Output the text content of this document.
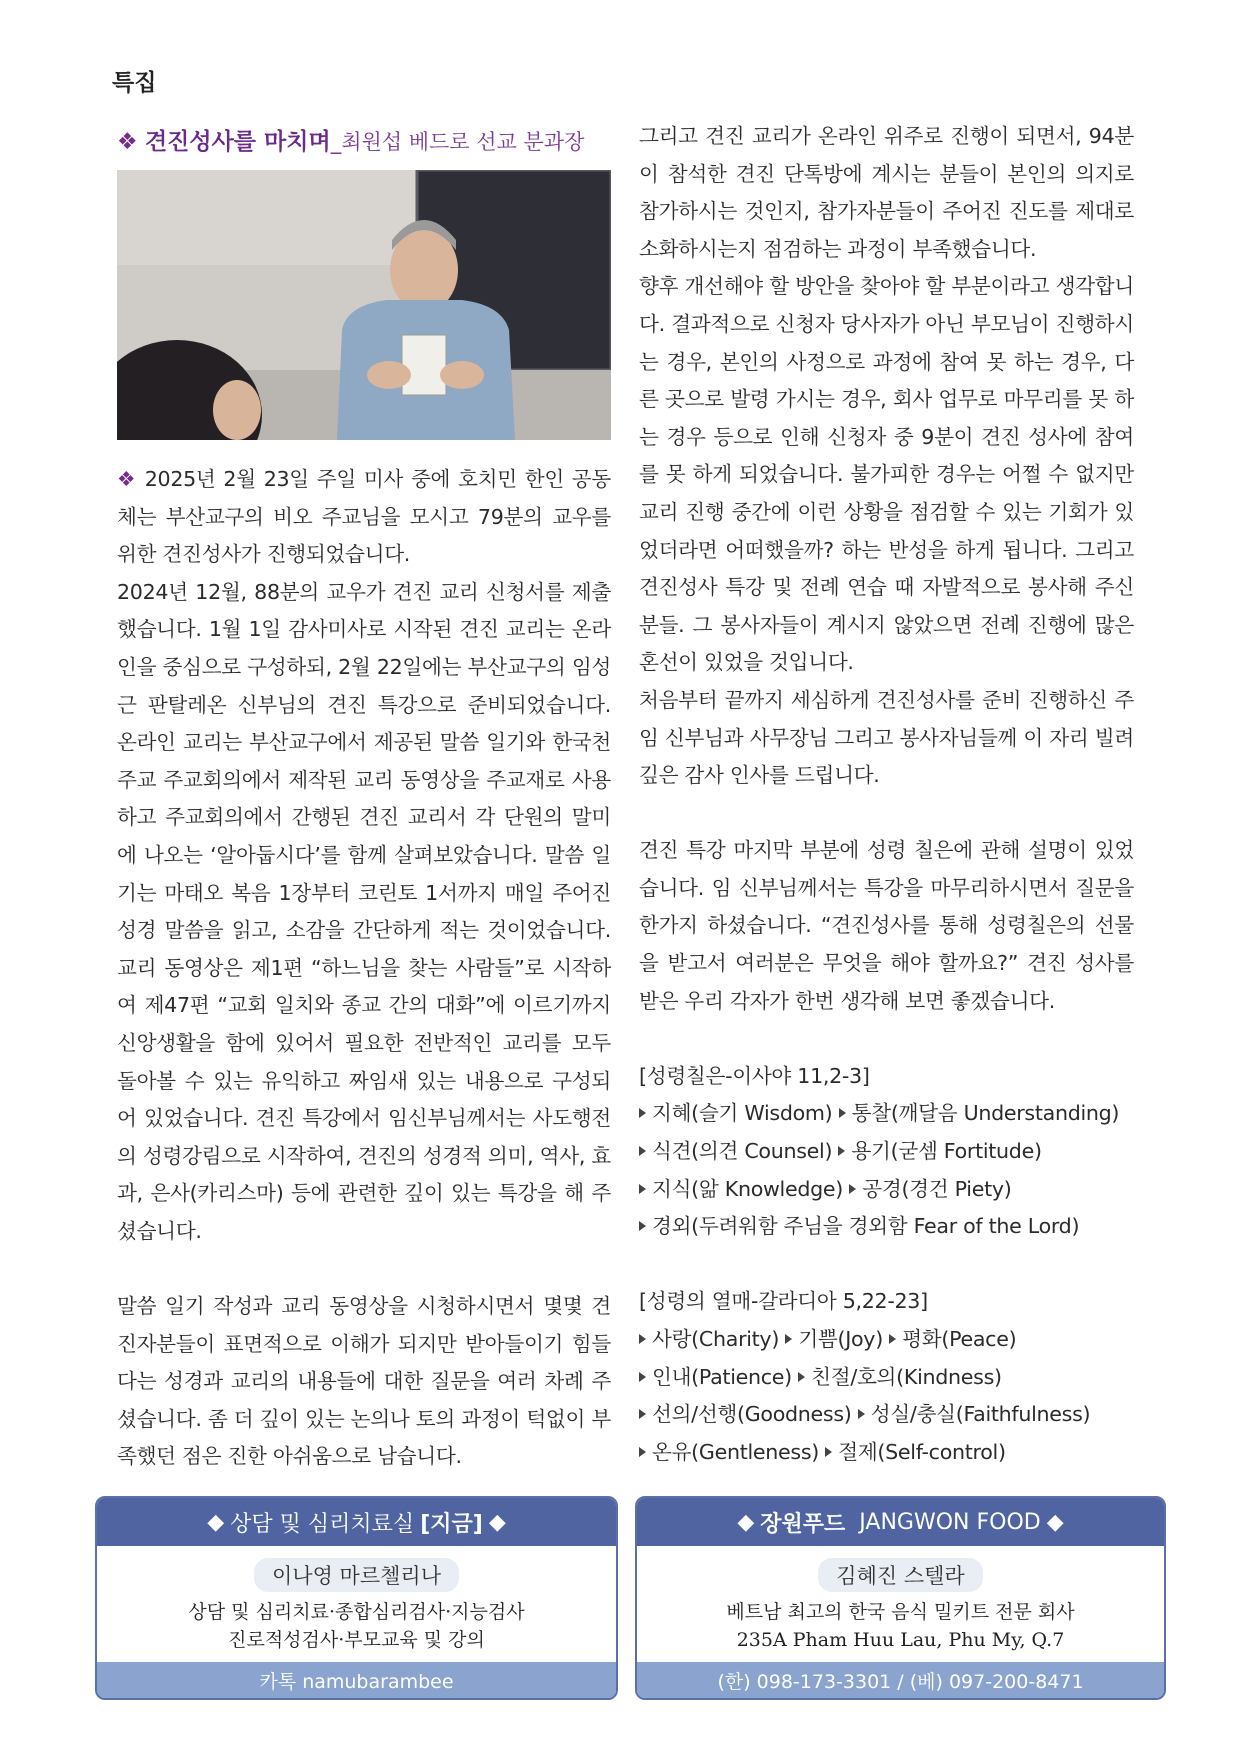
특집
❖ 견진성사를 마치며_최원섭 베드로 선교 분과장

❖ 2025년 2월 23일 주일 미사 중에 호치민 한인 공동체는 부산교구의 비오 주교님을 모시고 79분의 교우를 위한 견진성사가 진행되었습니다.

2024년 12월, 88분의 교우가 견진 교리 신청서를 제출했습니다. 1월 1일 감사미사로 시작된 견진 교리는 온라인을 중심으로 구성하되, 2월 22일에는 부산교구의 임성근 판탈레온 신부님의 견진 특강으로 준비되었습니다. 온라인 교리는 부산교구에서 제공된 말씀 일기와 한국천주교 주교회의에서 제작된 교리 동영상을 주교재로 사용하고 주교회의에서 간행된 견진 교리서 각 단원의 말미에 나오는 ‘알아둡시다’를 함께 살펴보았습니다. 말씀 일기는 마태오 복음 1장부터 코린토 1서까지 매일 주어진 성경 말씀을 읽고, 소감을 간단하게 적는 것이었습니다. 교리 동영상은 제1편 “하느님을 찾는 사람들”로 시작하여 제47편 “교회 일치와 종교 간의 대화”에 이르기까지 신앙생활을 함에 있어서 필요한 전반적인 교리를 모두 돌아볼 수 있는 유익하고 짜임새 있는 내용으로 구성되어 있었습니다. 견진 특강에서 임신부님께서는 사도행전의 성령강림으로 시작하여, 견진의 성경적 의미, 역사, 효과, 은사(카리스마) 등에 관련한 깊이 있는 특강을 해 주셨습니다.

말씀 일기 작성과 교리 동영상을 시청하시면서 몇몇 견진자분들이 표면적으로 이해가 되지만 받아들이기 힘들다는 성경과 교리의 내용들에 대한 질문을 여러 차례 주셨습니다. 좀 더 깊이 있는 논의나 토의 과정이 턱없이 부족했던 점은 진한 아쉬움으로 남습니다.

그리고 견진 교리가 온라인 위주로 진행이 되면서, 94분이 참석한 견진 단톡방에 계시는 분들이 본인의 의지로 참가하시는 것인지, 참가자분들이 주어진 진도를 제대로 소화하시는지 점검하는 과정이 부족했습니다.

향후 개선해야 할 방안을 찾아야 할 부분이라고 생각합니다. 결과적으로 신청자 당사자가 아닌 부모님이 진행하시는 경우, 본인의 사정으로 과정에 참여 못 하는 경우, 다른 곳으로 발령 가시는 경우, 회사 업무로 마무리를 못 하는 경우 등으로 인해 신청자 중 9분이 견진 성사에 참여를 못 하게 되었습니다. 불가피한 경우는 어쩔 수 없지만 교리 진행 중간에 이런 상황을 점검할 수 있는 기회가 있었더라면 어떠했을까? 하는 반성을 하게 됩니다. 그리고 견진성사 특강 및 전례 연습 때 자발적으로 봉사해 주신 분들. 그 봉사자들이 계시지 않았으면 전례 진행에 많은 혼선이 있었을 것입니다.

처음부터 끝까지 세심하게 견진성사를 준비 진행하신 주임 신부님과 사무장님 그리고 봉사자님들께 이 자리 빌려 깊은 감사 인사를 드립니다.

견진 특강 마지막 부분에 성령 칠은에 관해 설명이 있었습니다. 임 신부님께서는 특강을 마무리하시면서 질문을 한가지 하셨습니다. “견진성사를 통해 성령칠은의 선물을 받고서 여러분은 무엇을 해야 할까요?” 견진 성사를 받은 우리 각자가 한번 생각해 보면 좋겠습니다.

[성령칠은-이사야 11,2-3]
지혜(슬기 Wisdom) 통찰(깨달음 Understanding)
식견(의견 Counsel) 용기(굳셈 Fortitude)
지식(앎 Knowledge) 공경(경건 Piety)
경외(두려워함 주님을 경외함 Fear of the Lord)
[성령의 열매-갈라디아 5,22-23]
사랑(Charity) 기쁨(Joy) 평화(Peace)
인내(Patience) 친절/호의(Kindness)
선의/선행(Goodness) 성실/충실(Faithfulness)
온유(Gentleness) 절제(Self-control)
◆ 상담 및 심리치료실 [지금] ◆
이나영 마르첼리나
상담 및 심리치료·종합심리검사·지능검사
진로적성검사·부모교육 및 강의
카톡 namubarambee
◆ 장원푸드 JANGWON FOOD ◆
김혜진 스텔라
베트남 최고의 한국 음식 밀키트 전문 회사
235A Pham Huu Lau, Phu My, Q.7
(한) 098-173-3301 / (베) 097-200-8471
